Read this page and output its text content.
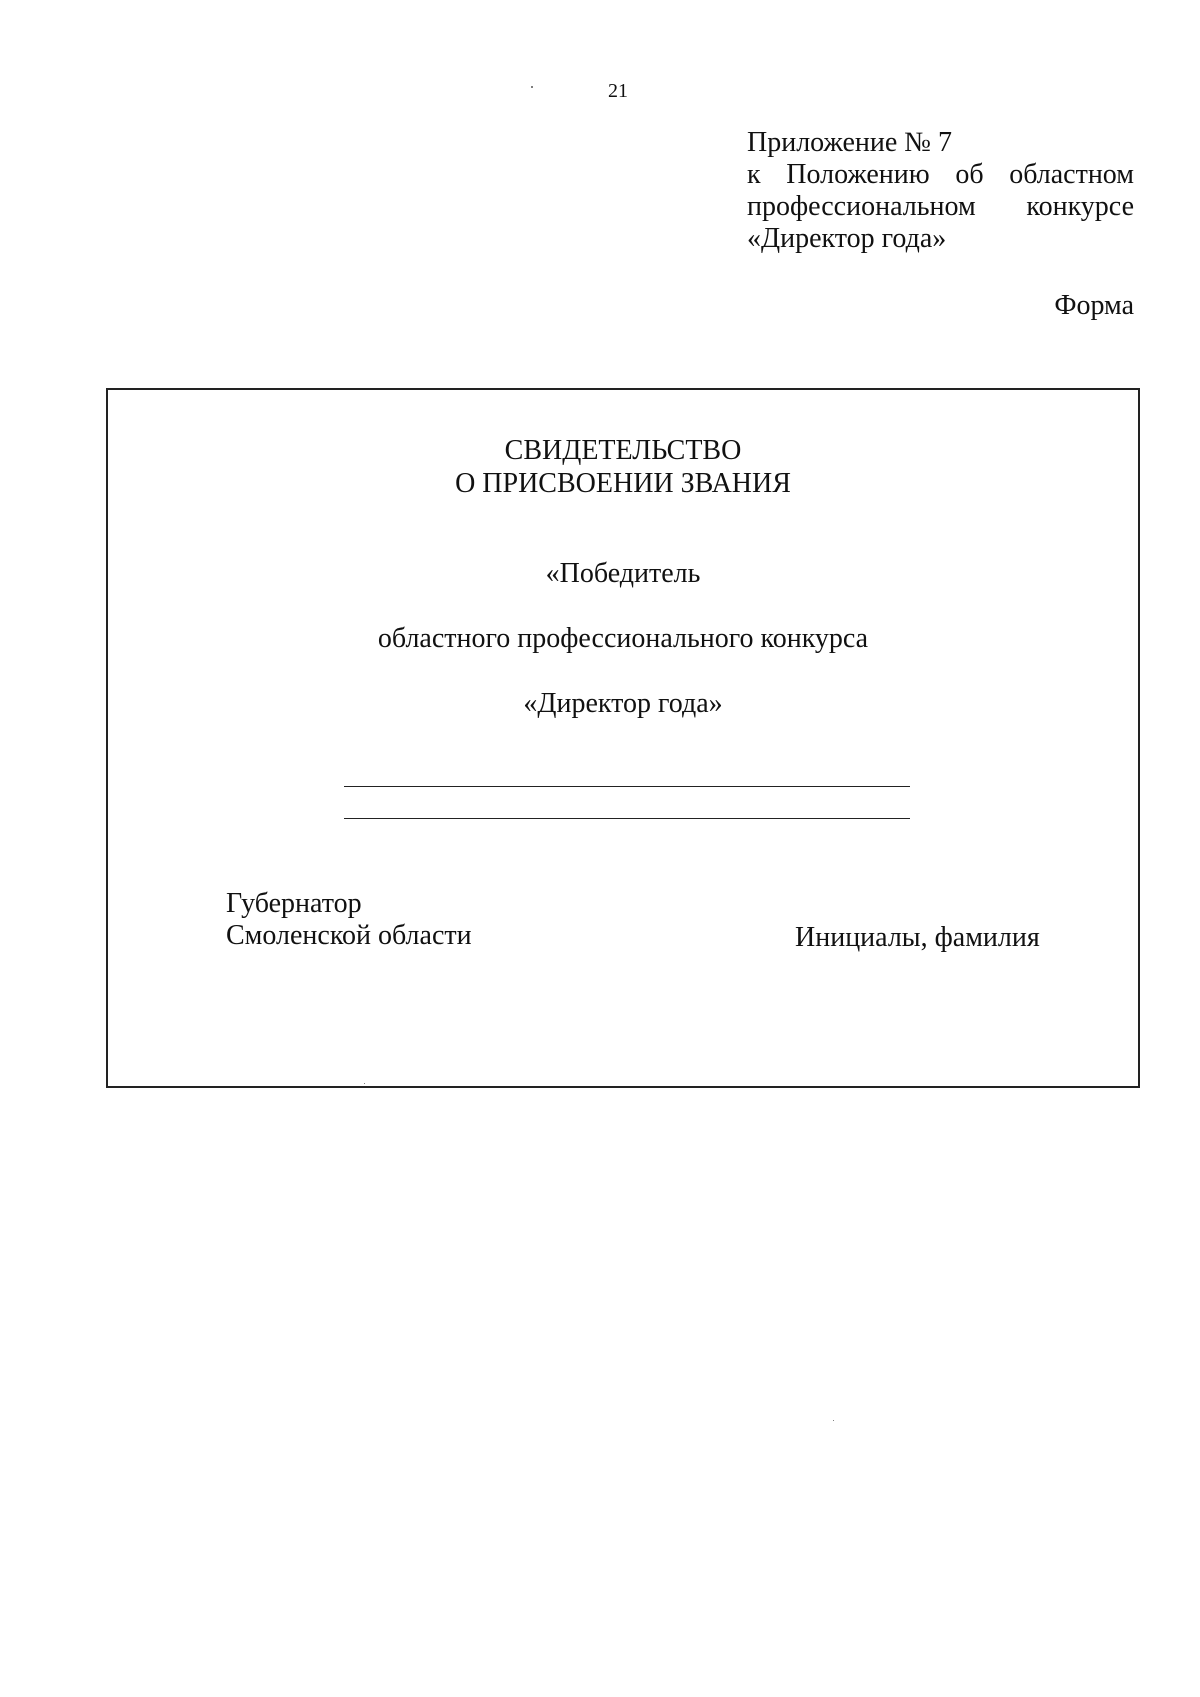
21
Приложение № 7
к Положению об областном
профессиональном конкурсе
«Директор года»
Форма
СВИДЕТЕЛЬСТВО
О ПРИСВОЕНИИ ЗВАНИЯ
«Победитель
областного профессионального конкурса
«Директор года»
Губернатор
Смоленской области	Инициалы, фамилия
